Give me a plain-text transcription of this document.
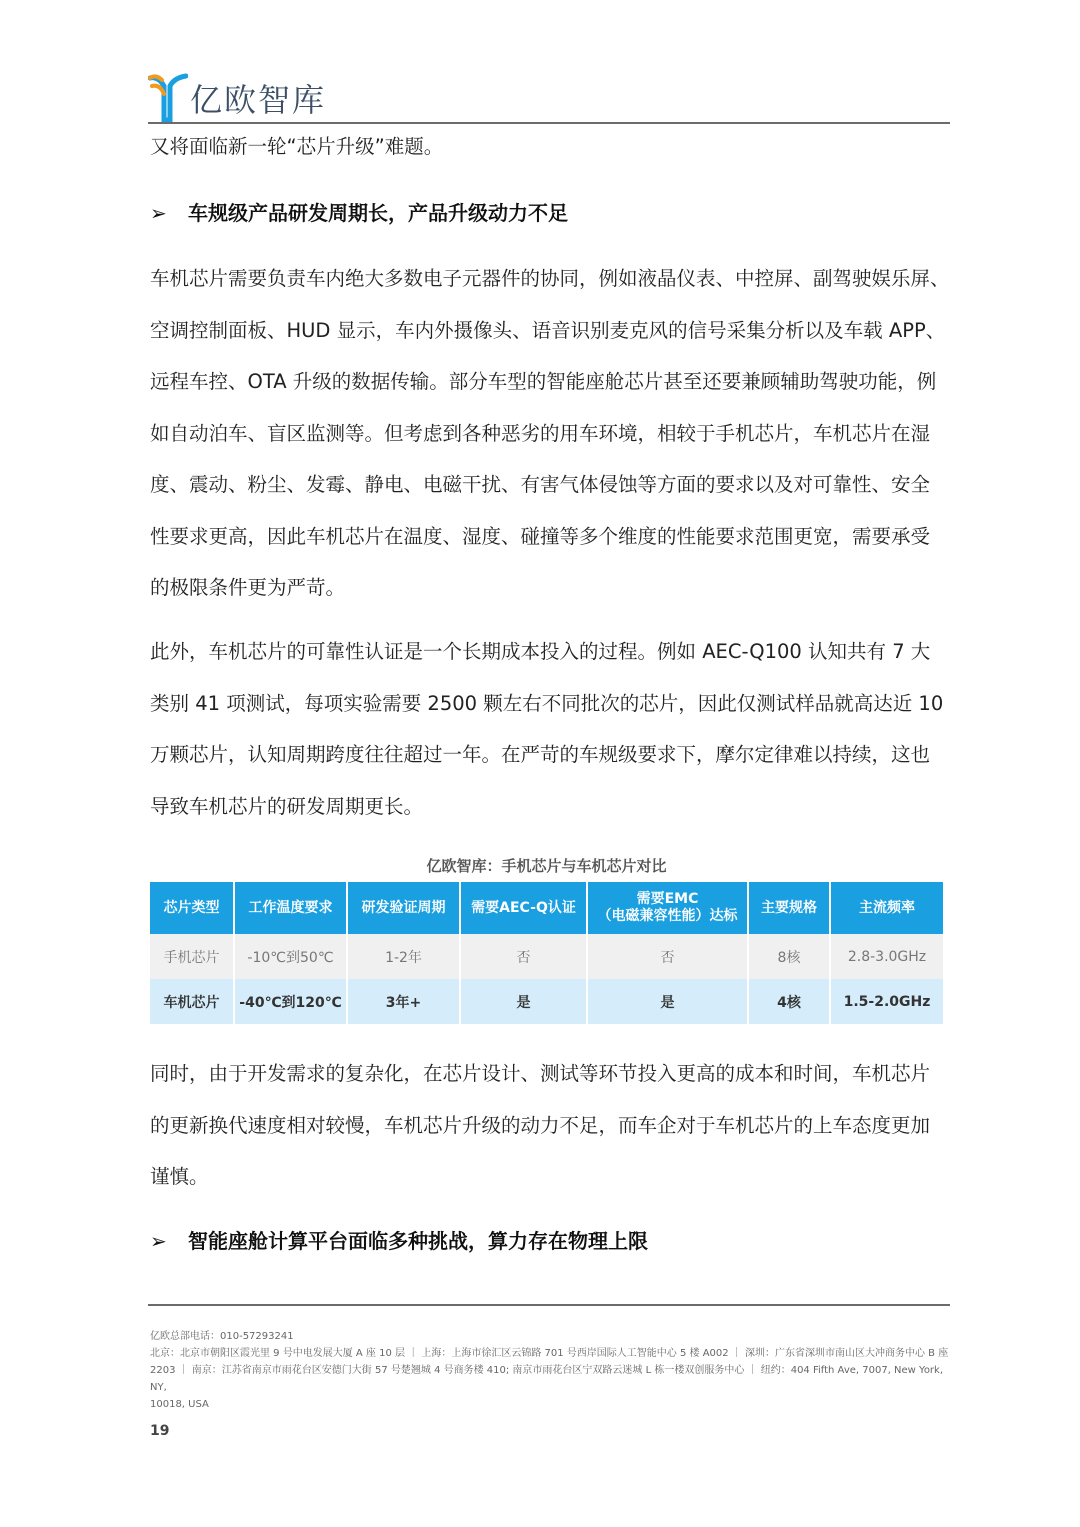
亿欧智库
又将面临新一轮“芯片升级”难题。
➢ 车规级产品研发周期长，产品升级动力不足
车机芯片需要负责车内绝大多数电子元器件的协同，例如液晶仪表、中控屏、副驾驶娱乐屏、
空调控制面板、HUD 显示，车内外摄像头、语音识别麦克风的信号采集分析以及车载 APP、
远程车控、OTA 升级的数据传输。部分车型的智能座舱芯片甚至还要兼顾辅助驾驶功能，例
如自动泊车、盲区监测等。但考虑到各种恶劣的用车环境，相较于手机芯片，车机芯片在湿
度、震动、粉尘、发霉、静电、电磁干扰、有害气体侵蚀等方面的要求以及对可靠性、安全
性要求更高，因此车机芯片在温度、湿度、碰撞等多个维度的性能要求范围更宽，需要承受
的极限条件更为严苛。
此外，车机芯片的可靠性认证是一个长期成本投入的过程。例如 AEC-Q100 认知共有 7 大
类别 41 项测试，每项实验需要 2500 颗左右不同批次的芯片，因此仅测试样品就高达近 10
万颗芯片，认知周期跨度往往超过一年。在严苛的车规级要求下，摩尔定律难以持续，这也
导致车机芯片的研发周期更长。
亿欧智库：手机芯片与车机芯片对比
芯片类型	工作温度要求	研发验证周期	需要AEC-Q认证	需要EMC
（电磁兼容性能）达标	主要规格	主流频率
手机芯片	-10℃到50℃	1-2年	否	否	8核	2.8-3.0GHz
车机芯片	-40℃到120℃	3年+	是	是	4核	1.5-2.0GHz
同时，由于开发需求的复杂化，在芯片设计、测试等环节投入更高的成本和时间，车机芯片
的更新换代速度相对较慢，车机芯片升级的动力不足，而车企对于车机芯片的上车态度更加
谨慎。
➢ 智能座舱计算平台面临多种挑战，算力存在物理上限
亿欧总部电话：010-57293241
北京：北京市朝阳区霞光里 9 号中电发展大厦 A 座 10 层 ｜ 上海：上海市徐汇区云锦路 701 号西岸国际人工智能中心 5 楼 A002 ｜ 深圳：广东省深圳市南山区大冲商务中心 B 座
2203 ｜ 南京：江苏省南京市雨花台区安德门大街 57 号楚翘城 4 号商务楼 410; 南京市雨花台区宁双路云迷城 L 栋一楼双创服务中心 ｜ 纽约：404 Fifth Ave, 7007, New York, NY,
10018, USA
19
